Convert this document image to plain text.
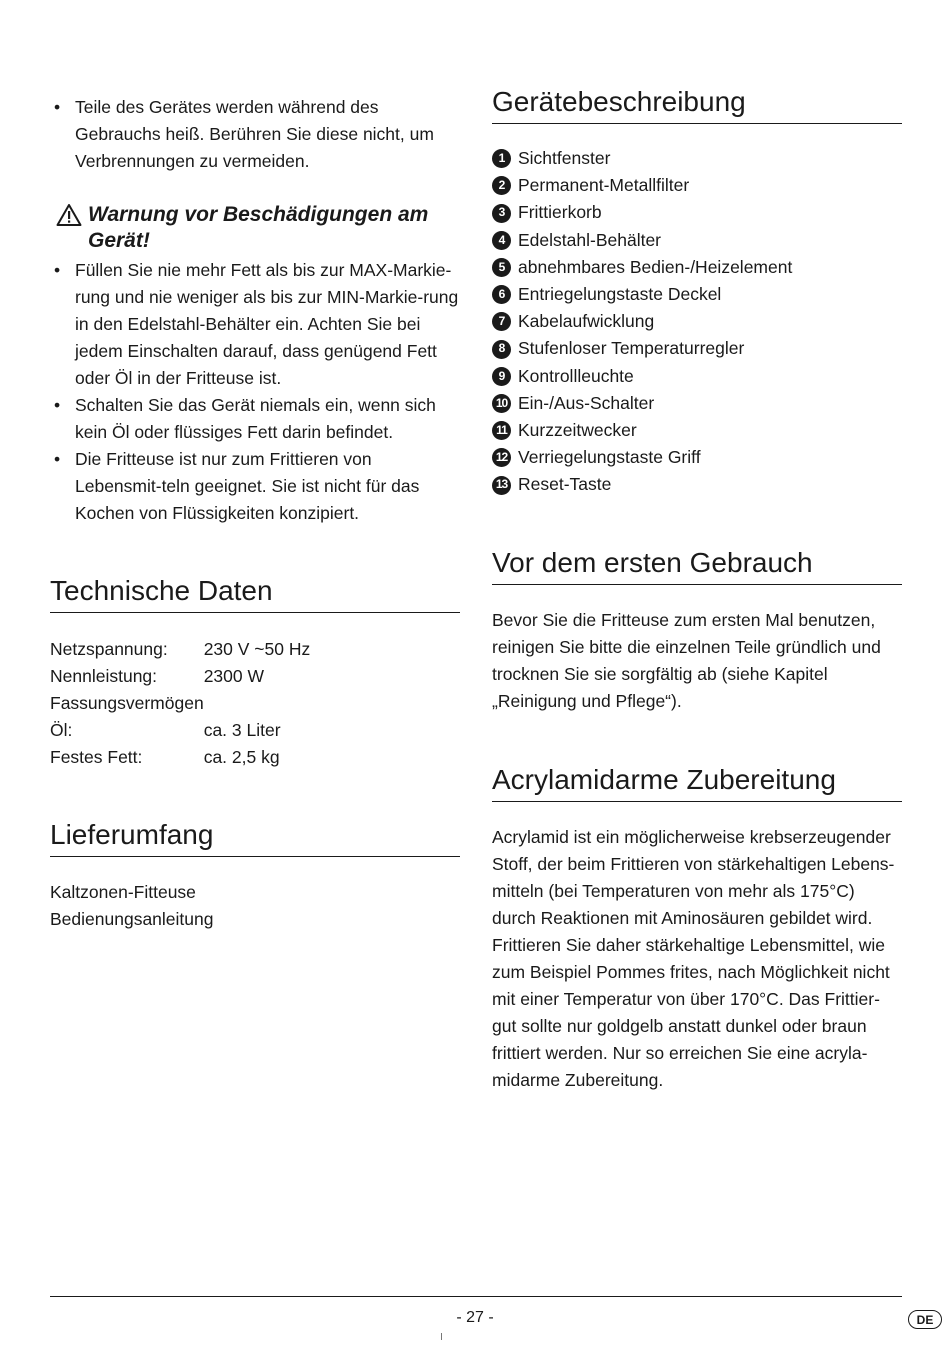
• Teile des Gerätes werden während des Gebrauchs heiß. Berühren Sie diese nicht, um Verbrennungen zu vermeiden.
Warnung vor Beschädigungen am
Gerät!
• Füllen Sie nie mehr Fett als bis zur MAX-Markie-rung und nie weniger als bis zur MIN-Markie-rung in den Edelstahl-Behälter ein. Achten Sie bei jedem Einschalten darauf, dass genügend Fett oder Öl in der Fritteuse ist.
• Schalten Sie das Gerät niemals ein, wenn sich kein Öl oder flüssiges Fett darin befindet.
• Die Fritteuse ist nur zum Frittieren von Lebensmit-teln geeignet. Sie ist nicht für das Kochen von Flüssigkeiten konzipiert.
Technische Daten
Netzspannung:	230 V ~50 Hz
Nennleistung:	2300 W
Fassungsvermögen	
Öl:	ca. 3 Liter
Festes Fett:	ca. 2,5 kg
Lieferumfang

Kaltzonen-Fitteuse

Bedienungsanleitung

Gerätebeschreibung
1 Sichtfenster
2 Permanent-Metallfilter
3 Frittierkorb
4 Edelstahl-Behälter
5 abnehmbares Bedien-/Heizelement
6 Entriegelungstaste Deckel
7 Kabelaufwicklung
8 Stufenloser Temperaturregler
9 Kontrollleuchte
10 Ein-/Aus-Schalter
11 Kurzzeitwecker
12 Verriegelungstaste Griff
13 Reset-Taste
Vor dem ersten Gebrauch

Bevor Sie die Fritteuse zum ersten Mal benutzen, reinigen Sie bitte die einzelnen Teile gründlich und trocknen Sie sie sorgfältig ab (siehe Kapitel „Reinigung und Pflege“).

Acrylamidarme Zubereitung

Acrylamid ist ein möglicherweise krebserzeugender Stoff, der beim Frittieren von stärkehaltigen Lebens-mitteln (bei Temperaturen von mehr als 175°C) durch Reaktionen mit Aminosäuren gebildet wird. Frittieren Sie daher stärkehaltige Lebensmittel, wie zum Beispiel Pommes frites, nach Möglichkeit nicht mit einer Temperatur von über 170°C. Das Frittier-gut sollte nur goldgelb anstatt dunkel oder braun frittiert werden. Nur so erreichen Sie eine acryla-midarme Zubereitung.

- 27 -	DE
